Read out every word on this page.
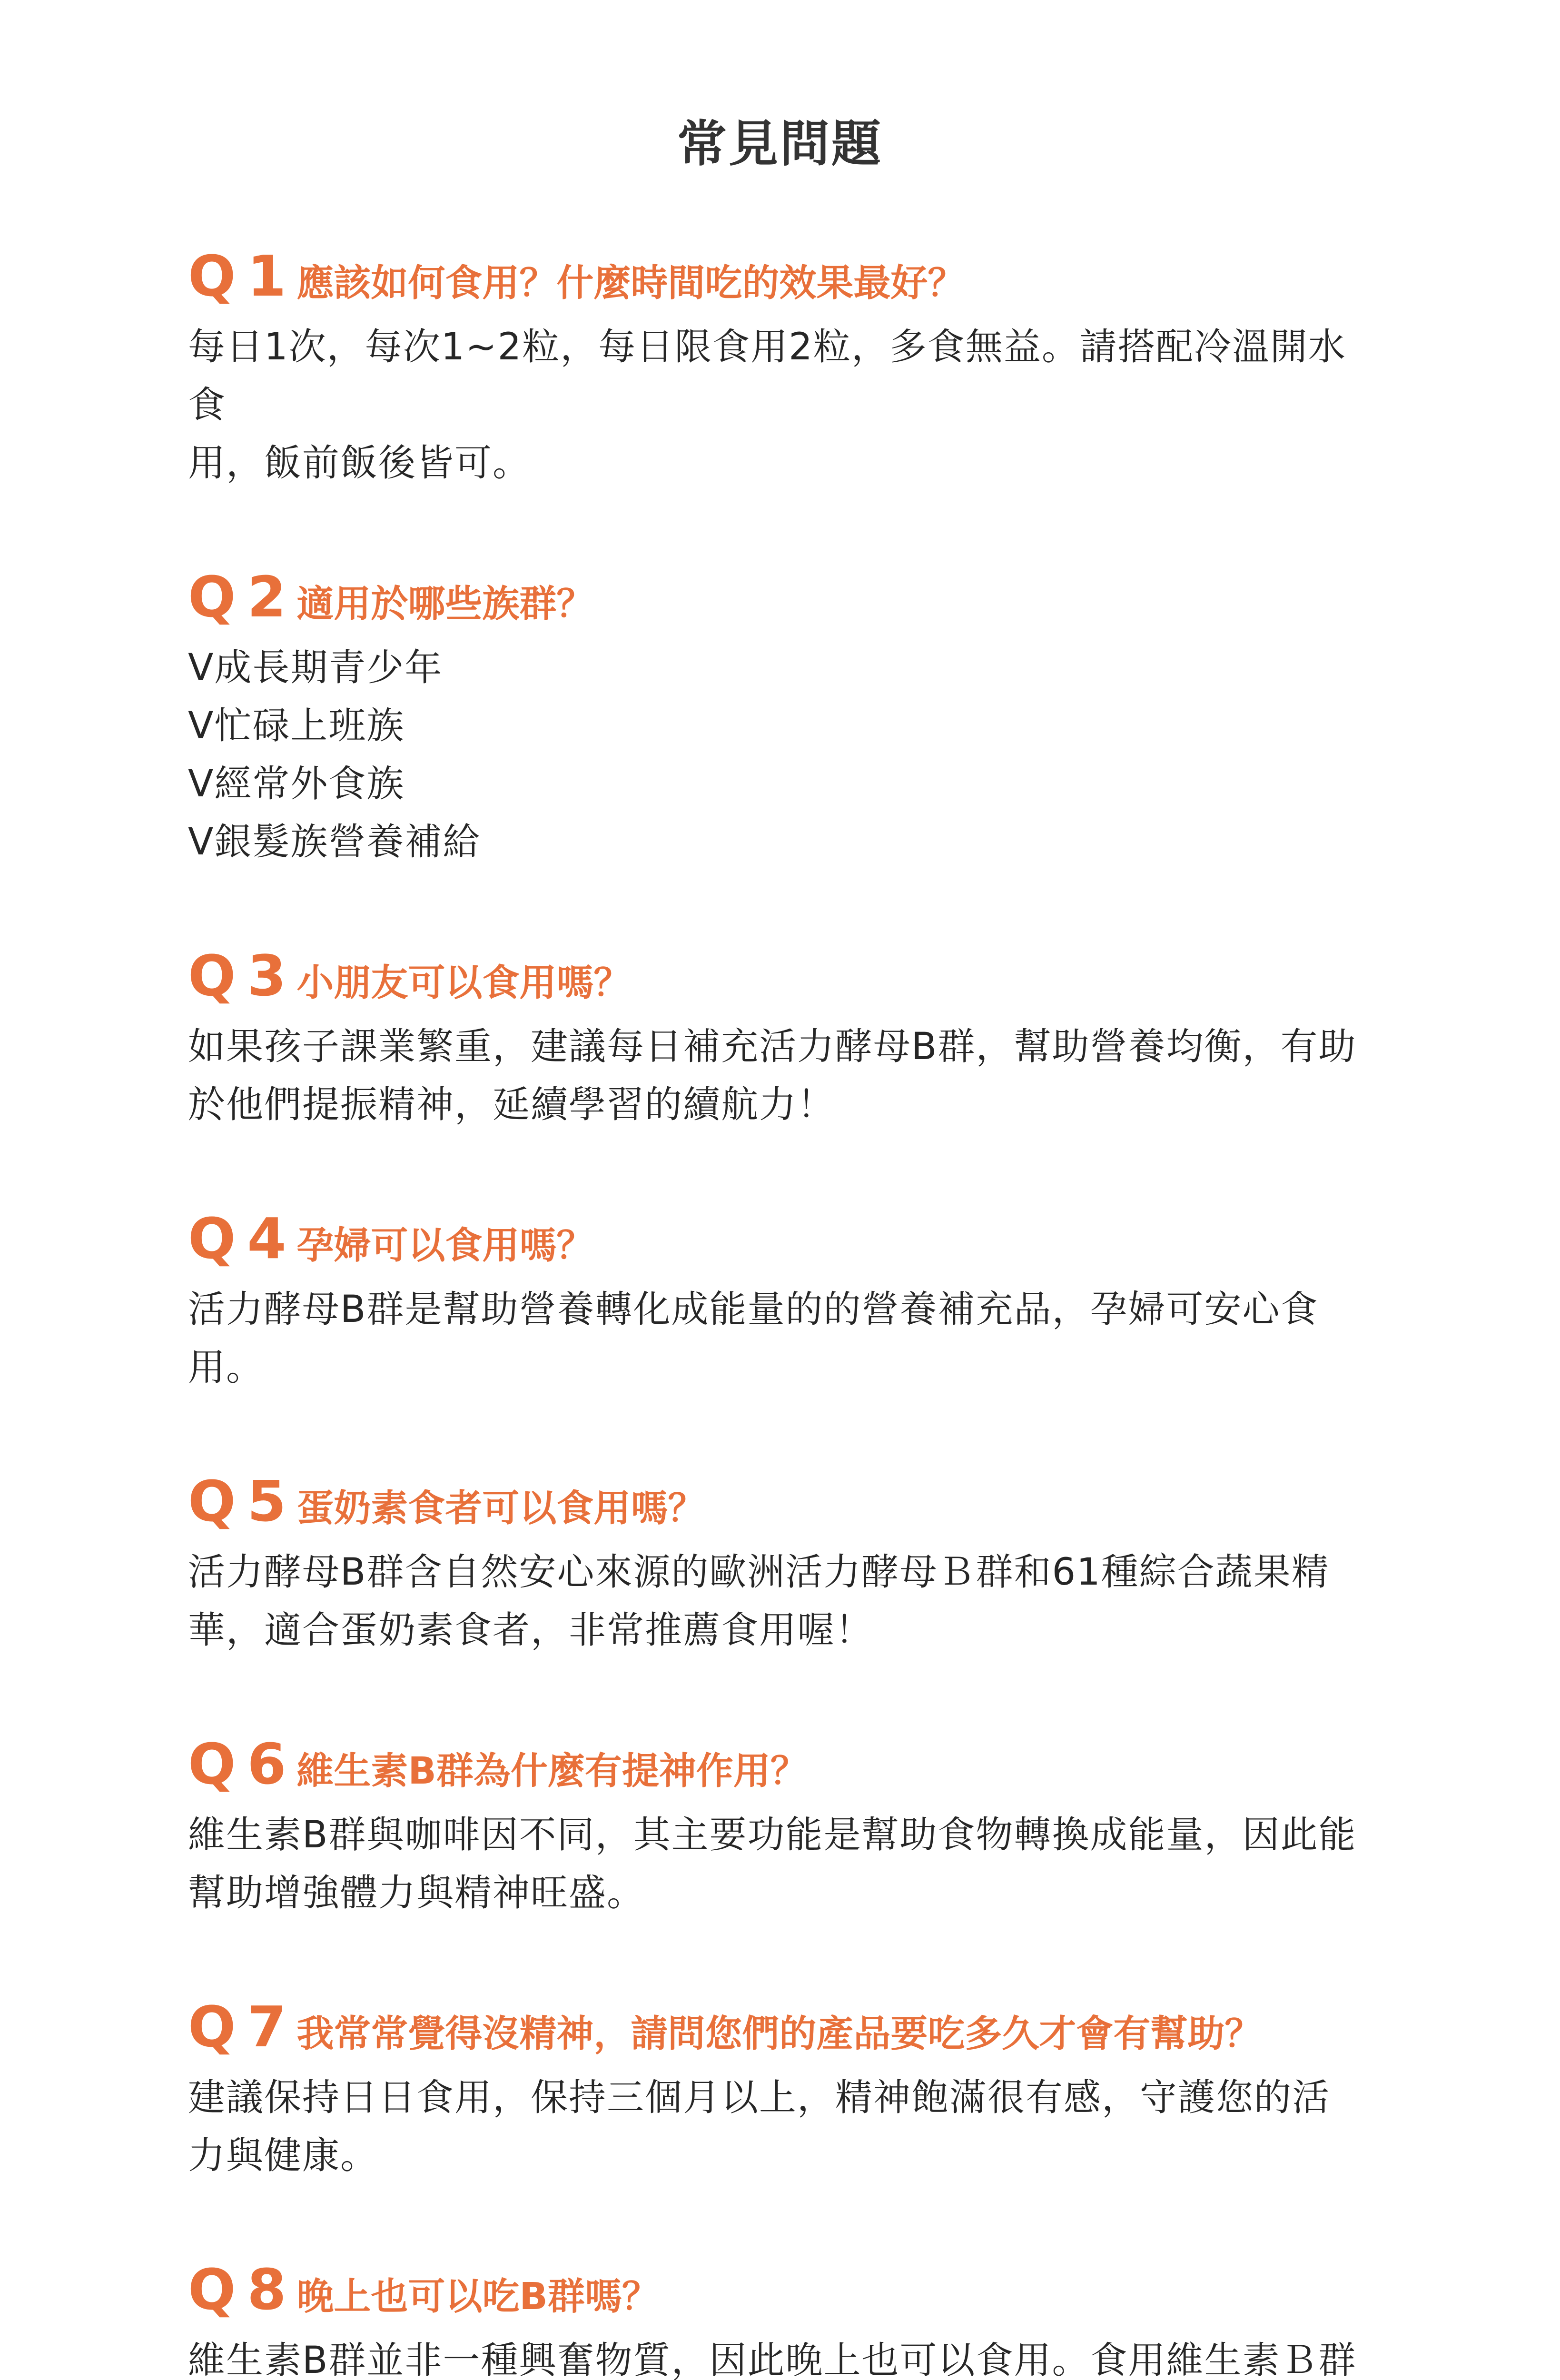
常見問題
Q 1 應該如何食用？什麼時間吃的效果最好？
每日1次，每次1~2粒，每日限食用2粒，多食無益。請搭配冷溫開水食
用，飯前飯後皆可。
Q 2 適用於哪些族群？
V成長期青少年
V忙碌上班族
V經常外食族
V銀髮族營養補給
Q 3 小朋友可以食用嗎？
如果孩子課業繁重，建議每日補充活力酵母B群，幫助營養均衡，有助
於他們提振精神，延續學習的續航力！
Q 4 孕婦可以食用嗎？
活力酵母B群是幫助營養轉化成能量的的營養補充品，孕婦可安心食
用。
Q 5 蛋奶素食者可以食用嗎？
活力酵母B群含自然安心來源的歐洲活力酵母Ｂ群和61種綜合蔬果精
華，適合蛋奶素食者，非常推薦食用喔！
Q 6 維生素B群為什麼有提神作用？
維生素B群與咖啡因不同，其主要功能是幫助食物轉換成能量，因此能
幫助增強體力與精神旺盛。
Q 7 我常常覺得沒精神，請問您們的產品要吃多久才會有幫助？
建議保持日日食用，保持三個月以上，精神飽滿很有感，守護您的活
力與健康。
Q 8 晚上也可以吃B群嗎？
維生素B群並非一種興奮物質，因此晚上也可以食用。食用維生素Ｂ群
